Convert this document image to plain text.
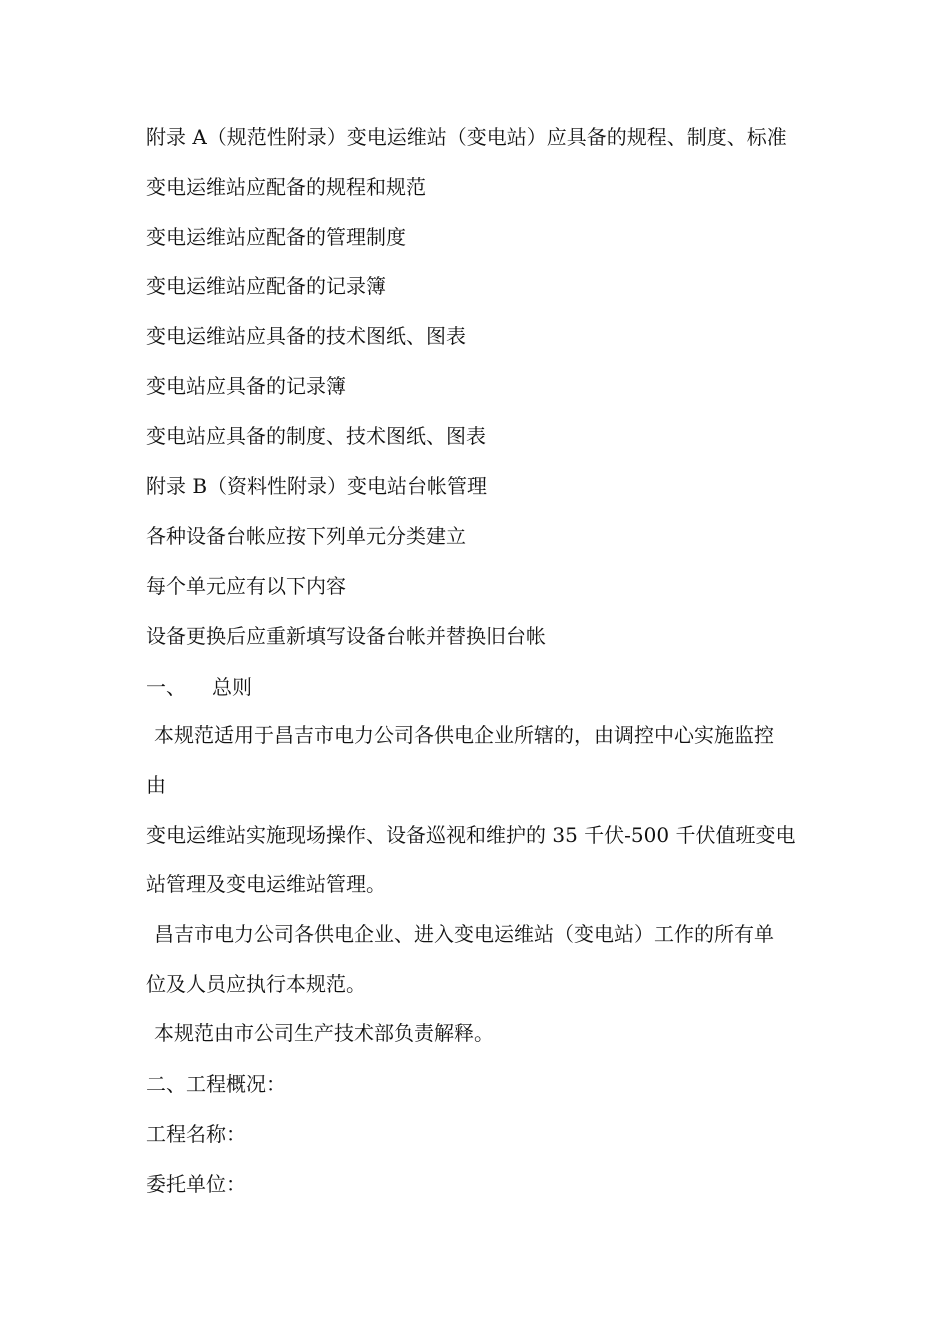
附录 A（规范性附录）变电运维站（变电站）应具备的规程、制度、标准
变电运维站应配备的规程和规范
变电运维站应配备的管理制度
变电运维站应配备的记录簿
变电运维站应具备的技术图纸、图表
变电站应具备的记录簿
变电站应具备的制度、技术图纸、图表
附录 B（资料性附录）变电站台帐管理
各种设备台帐应按下列单元分类建立
每个单元应有以下内容
设备更换后应重新填写设备台帐并替换旧台帐
一、 总则
本规范适用于昌吉市电力公司各供电企业所辖的，由调控中心实施监控
由
变电运维站实施现场操作、设备巡视和维护的 35 千伏-500 千伏值班变电
站管理及变电运维站管理。
昌吉市电力公司各供电企业、进入变电运维站（变电站）工作的所有单
位及人员应执行本规范。
本规范由市公司生产技术部负责解释。
二、工程概况：
工程名称：
委托单位：
